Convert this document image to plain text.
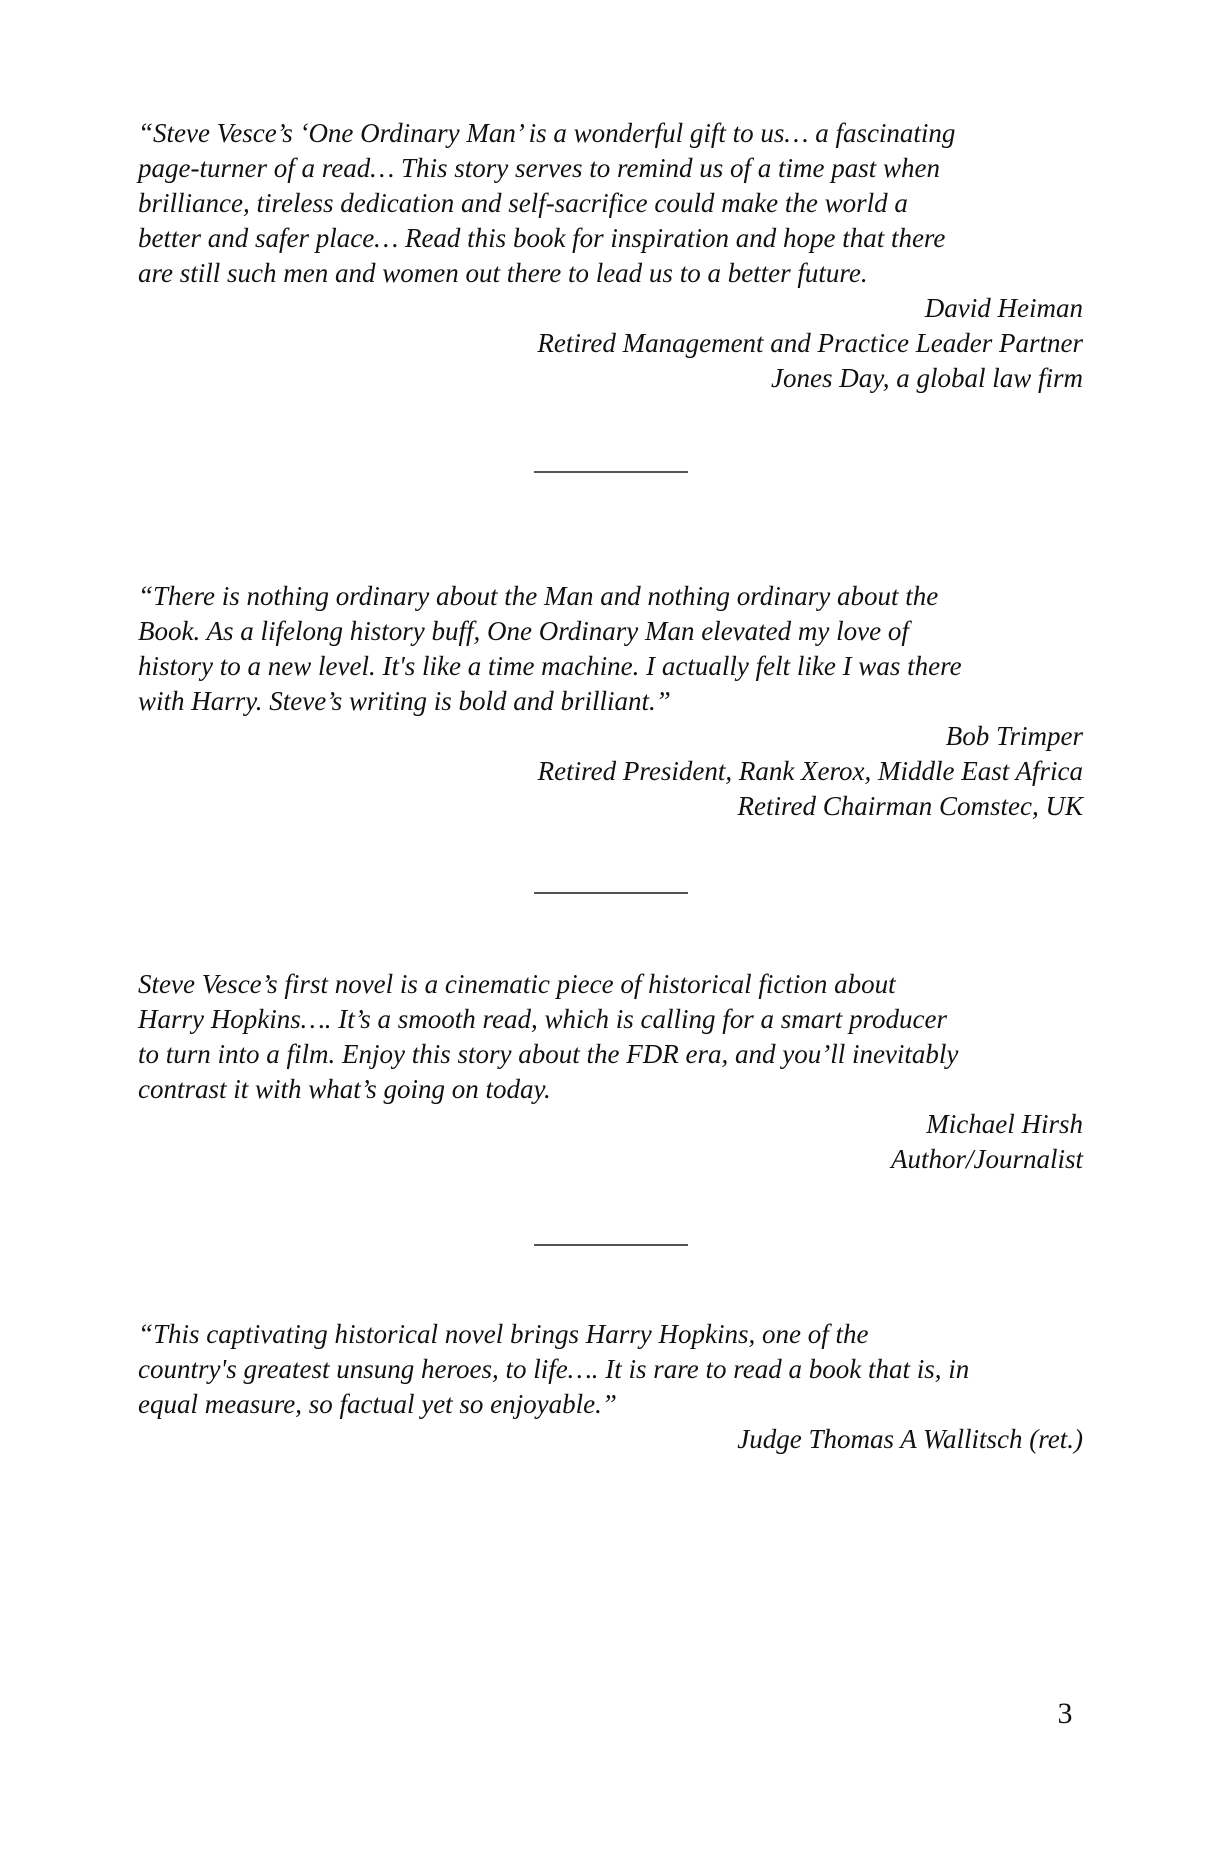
“Steve Vesce’s ‘One Ordinary Man’ is a wonderful gift to us… a fascinating
page-turner of a read… This story serves to remind us of a time past when
brilliance, tireless dedication and self-sacrifice could make the world a
better and safer place… Read this book for inspiration and hope that there
are still such men and women out there to lead us to a better future.
David Heiman
Retired Management and Practice Leader Partner
Jones Day, a global law firm
“There is nothing ordinary about the Man and nothing ordinary about the
Book. As a lifelong history buff, One Ordinary Man elevated my love of
history to a new level. It's like a time machine. I actually felt like I was there
with Harry. Steve’s writing is bold and brilliant.”
Bob Trimper
Retired President, Rank Xerox, Middle East Africa
Retired Chairman Comstec, UK
Steve Vesce’s first novel is a cinematic piece of historical fiction about
Harry Hopkins…. It’s a smooth read, which is calling for a smart producer
to turn into a film. Enjoy this story about the FDR era, and you’ll inevitably
contrast it with what’s going on today.
Michael Hirsh
Author/Journalist
“This captivating historical novel brings Harry Hopkins, one of the
country's greatest unsung heroes, to life…. It is rare to read a book that is, in
equal measure, so factual yet so enjoyable.”
Judge Thomas A Wallitsch (ret.)
3
